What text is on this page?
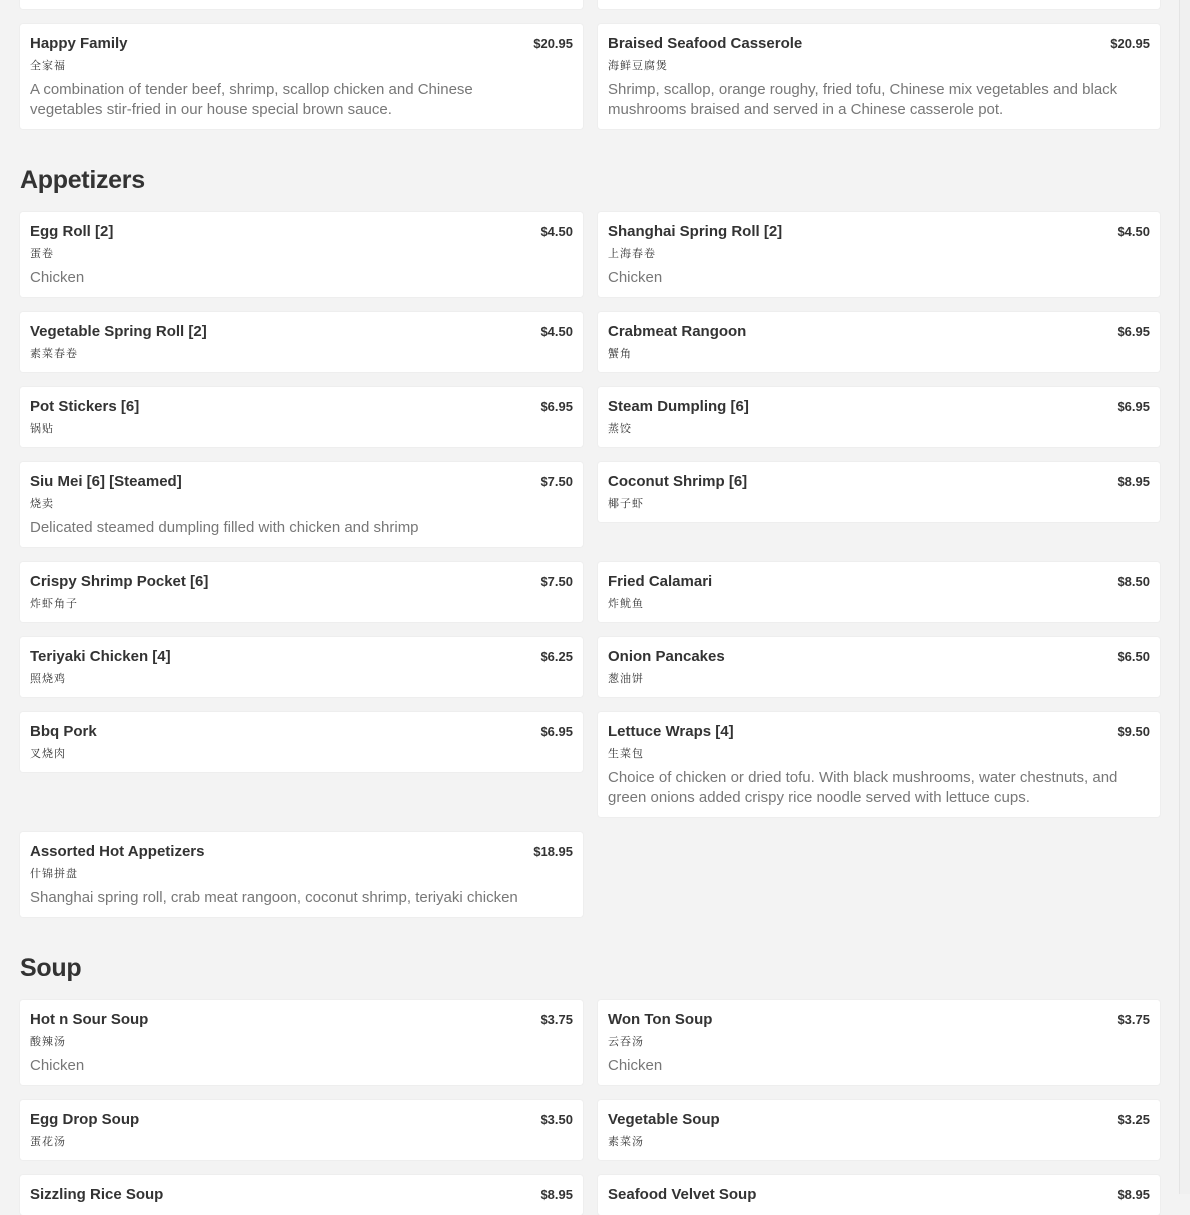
Happy Family	$20.95
全家福
A combination of tender beef, shrimp, scallop chicken and Chinese vegetables stir-fried in our house special brown sauce.
Braised Seafood Casserole	$20.95
海鲜豆腐煲
Shrimp, scallop, orange roughy, fried tofu, Chinese mix vegetables and black mushrooms braised and served in a Chinese casserole pot.
Appetizers
Egg Roll [2]	$4.50
蛋卷
Chicken
Shanghai Spring Roll [2]	$4.50
上海春卷
Chicken
Vegetable Spring Roll [2]	$4.50
素菜春卷
Crabmeat Rangoon	$6.95
蟹角
Pot Stickers [6]	$6.95
锅贴
Steam Dumpling [6]	$6.95
蒸饺
Siu Mei [6] [Steamed]	$7.50
烧卖
Delicated steamed dumpling filled with chicken and shrimp
Coconut Shrimp [6]	$8.95
椰子虾
Crispy Shrimp Pocket [6]	$7.50
炸虾角子
Fried Calamari	$8.50
炸鱿鱼
Teriyaki Chicken [4]	$6.25
照烧鸡
Onion Pancakes	$6.50
葱油饼
Bbq Pork	$6.95
叉烧肉
Lettuce Wraps [4]	$9.50
生菜包
Choice of chicken or dried tofu. With black mushrooms, water chestnuts, and green onions added crispy rice noodle served with lettuce cups.
Assorted Hot Appetizers	$18.95
什锦拼盘
Shanghai spring roll, crab meat rangoon, coconut shrimp, teriyaki chicken
Soup
Hot n Sour Soup	$3.75
酸辣汤
Chicken
Won Ton Soup	$3.75
云吞汤
Chicken
Egg Drop Soup	$3.50
蛋花汤
Vegetable Soup	$3.25
素菜汤
Sizzling Rice Soup	$8.95 Seafood Velvet Soup	$8.95
